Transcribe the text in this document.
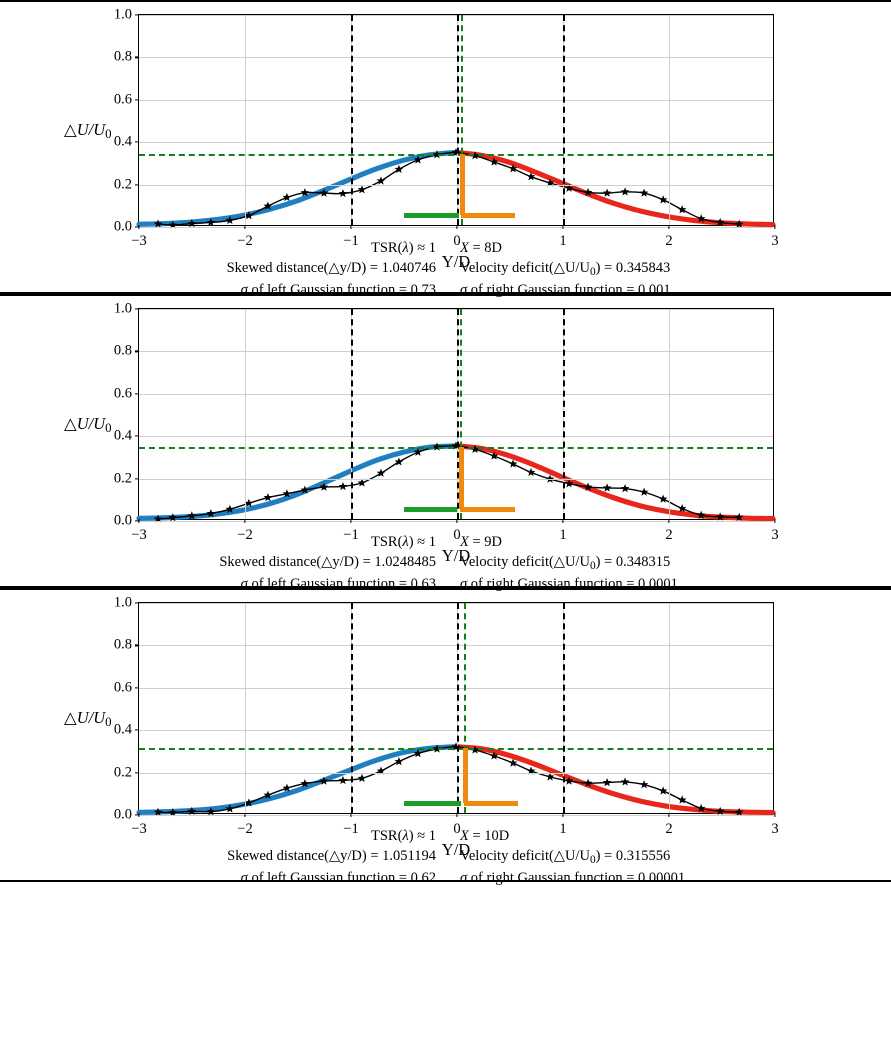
$\triangle U/U_0$
0.0
0.2
0.4
0.6
0.8
1.0
−3	−2	−1	0	1	2	3
Y/D
TSR(λ) ≈ 1	X = 8D
Skewed distance(△y/D) = 1.040746	Velocity $deficit(\triangle U/U_0) = 0.345843$
σ of left Gaussian function = 0.73	σ of right Gaussian function = 0.001
$\triangle U/U_0$
0.0
0.2
0.4
0.6
0.8
1.0
−3	−2	−1	0	1	2	3
Y/D
TSR(λ) ≈ 1	X = 9D
Skewed distance(△y/D) = 1.0248485	Velocity $deficit(\triangle U/U_0) = 0.348315$
σ of left Gaussian function = 0.63	σ of right Gaussian function = 0.0001
$\triangle U/U_0$
0.0
0.2
0.4
0.6
0.8
1.0
−3	−2	−1	0	1	2	3
Y/D
TSR(λ) ≈ 1	X = 10D
Skewed distance(△y/D) = 1.051194	Velocity $deficit(\triangle U/U_0) = 0.315556$
σ of left Gaussian function = 0.62	σ of right Gaussian function = 0.00001
